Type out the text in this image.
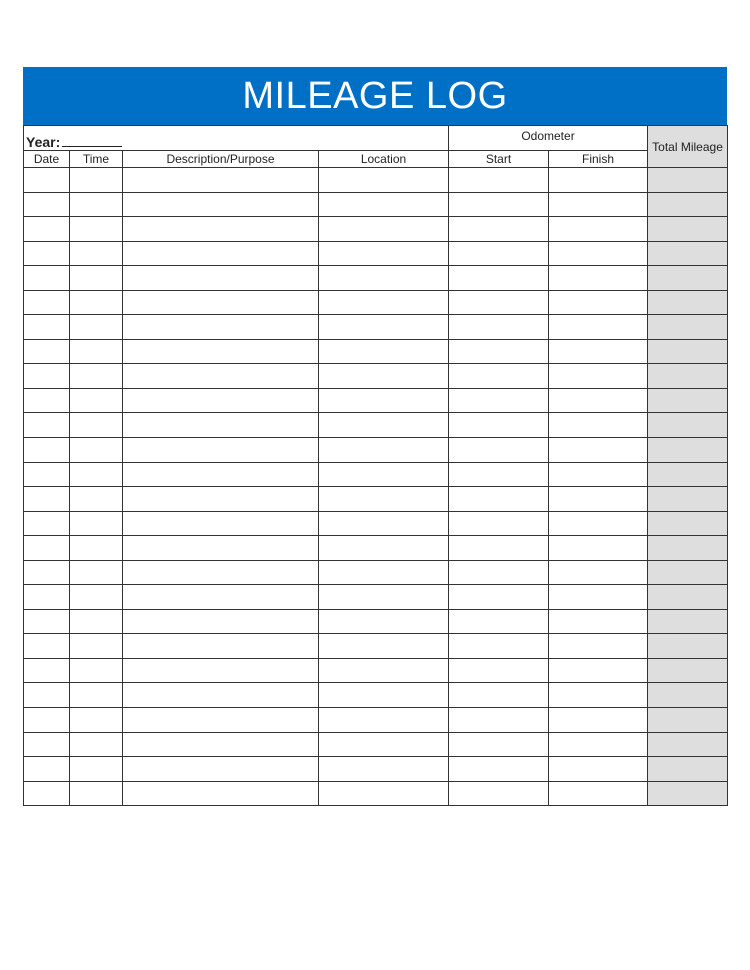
MILEAGE LOG
Year:				Odometer		Total Mileage
Date	Time	Description/Purpose	Location	Start	Finish	
